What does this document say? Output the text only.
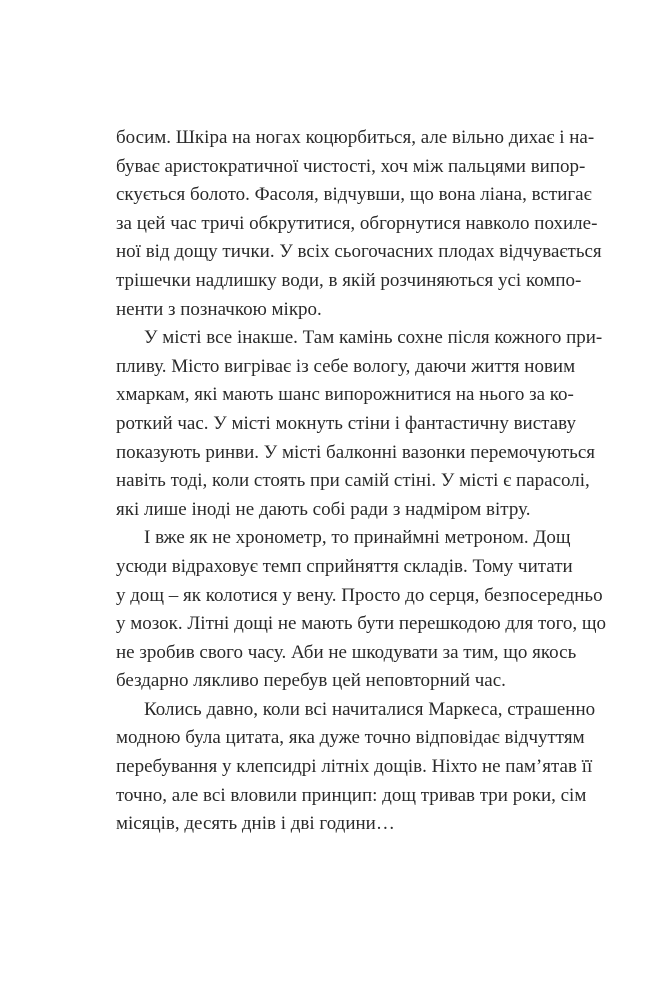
босим. Шкіра на ногах коцюрбиться, але вільно дихає і на-
буває аристократичної чистості, хоч між пальцями випор-
скується болото. Фасоля, відчувши, що вона ліана, встигає
за цей час тричі обкрутитися, обгорнутися навколо похиле-
ної від дощу тички. У всіх сьогочасних плодах відчувається
трішечки надлишку води, в якій розчиняються усі компо-
ненти з позначкою мікро.
У місті все інакше. Там камінь сохне після кожного при-
пливу. Місто вигріває із себе вологу, даючи життя новим
хмаркам, які мають шанс випорожнитися на нього за ко-
роткий час. У місті мокнуть стіни і фантастичну виставу
показують ринви. У місті балконні вазонки перемочуються
навіть тоді, коли стоять при самій стіні. У місті є парасолі,
які лише іноді не дають собі ради з надміром вітру.
І вже як не хронометр, то принаймні метроном. Дощ
усюди відраховує темп сприйняття складів. Тому читати
у дощ – як колотися у вену. Просто до серця, безпосередньо
у мозок. Літні дощі не мають бути перешкодою для того, що
не зробив свого часу. Аби не шкодувати за тим, що якось
бездарно лякливо перебув цей неповторний час.
Колись давно, коли всі начиталися Маркеса, страшенно
модною була цитата, яка дуже точно відповідає відчуттям
перебування у клепсидрі літніх дощів. Ніхто не пам’ятав її
точно, але всі вловили принцип: дощ тривав три роки, сім
місяців, десять днів і дві години…
